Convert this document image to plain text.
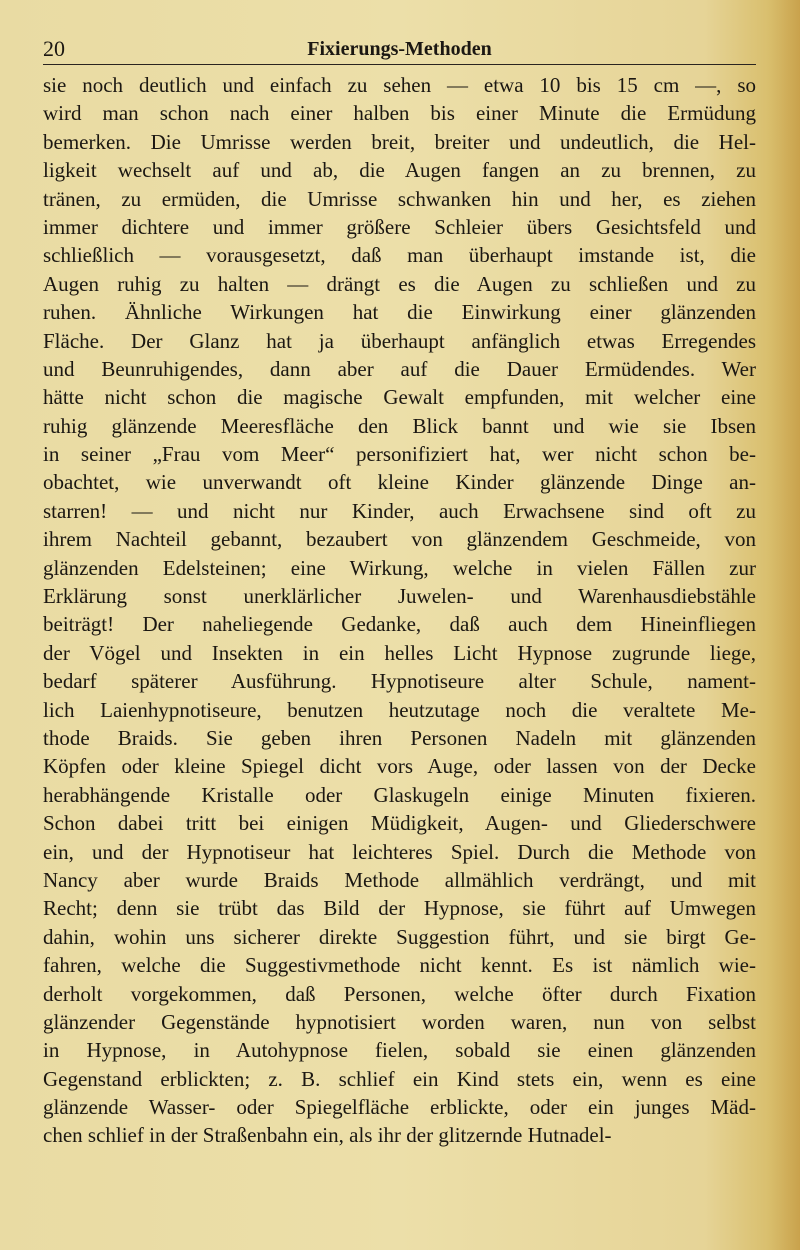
20	Fixierungs-Methoden
sie noch deutlich und einfach zu sehen — etwa 10 bis 15 cm —, so
wird man schon nach einer halben bis einer Minute die Ermüdung
bemerken. Die Umrisse werden breit, breiter und undeutlich, die Hel-
ligkeit wechselt auf und ab, die Augen fangen an zu brennen, zu
tränen, zu ermüden, die Umrisse schwanken hin und her, es ziehen
immer dichtere und immer größere Schleier übers Gesichtsfeld und
schließlich — vorausgesetzt, daß man überhaupt imstande ist, die
Augen ruhig zu halten — drängt es die Augen zu schließen und zu
ruhen. Ähnliche Wirkungen hat die Einwirkung einer glänzenden
Fläche. Der Glanz hat ja überhaupt anfänglich etwas Erregendes
und Beunruhigendes, dann aber auf die Dauer Ermüdendes. Wer
hätte nicht schon die magische Gewalt empfunden, mit welcher eine
ruhig glänzende Meeresfläche den Blick bannt und wie sie Ibsen
in seiner „Frau vom Meer“ personifiziert hat, wer nicht schon be-
obachtet, wie unverwandt oft kleine Kinder glänzende Dinge an-
starren! — und nicht nur Kinder, auch Erwachsene sind oft zu
ihrem Nachteil gebannt, bezaubert von glänzendem Geschmeide, von
glänzenden Edelsteinen; eine Wirkung, welche in vielen Fällen zur
Erklärung sonst unerklärlicher Juwelen- und Warenhausdiebstähle
beiträgt! Der naheliegende Gedanke, daß auch dem Hineinfliegen
der Vögel und Insekten in ein helles Licht Hypnose zugrunde liege,
bedarf späterer Ausführung. Hypnotiseure alter Schule, nament-
lich Laienhypnotiseure, benutzen heutzutage noch die veraltete Me-
thode Braids. Sie geben ihren Personen Nadeln mit glänzenden
Köpfen oder kleine Spiegel dicht vors Auge, oder lassen von der Decke
herabhängende Kristalle oder Glaskugeln einige Minuten fixieren.
Schon dabei tritt bei einigen Müdigkeit, Augen- und Gliederschwere
ein, und der Hypnotiseur hat leichteres Spiel. Durch die Methode von
Nancy aber wurde Braids Methode allmählich verdrängt, und mit
Recht; denn sie trübt das Bild der Hypnose, sie führt auf Umwegen
dahin, wohin uns sicherer direkte Suggestion führt, und sie birgt Ge-
fahren, welche die Suggestivmethode nicht kennt. Es ist nämlich wie-
derholt vorgekommen, daß Personen, welche öfter durch Fixation
glänzender Gegenstände hypnotisiert worden waren, nun von selbst
in Hypnose, in Autohypnose fielen, sobald sie einen glänzenden
Gegenstand erblickten; z. B. schlief ein Kind stets ein, wenn es eine
glänzende Wasser- oder Spiegelfläche erblickte, oder ein junges Mäd-
chen schlief in der Straßenbahn ein, als ihr der glitzernde Hutnadel-
